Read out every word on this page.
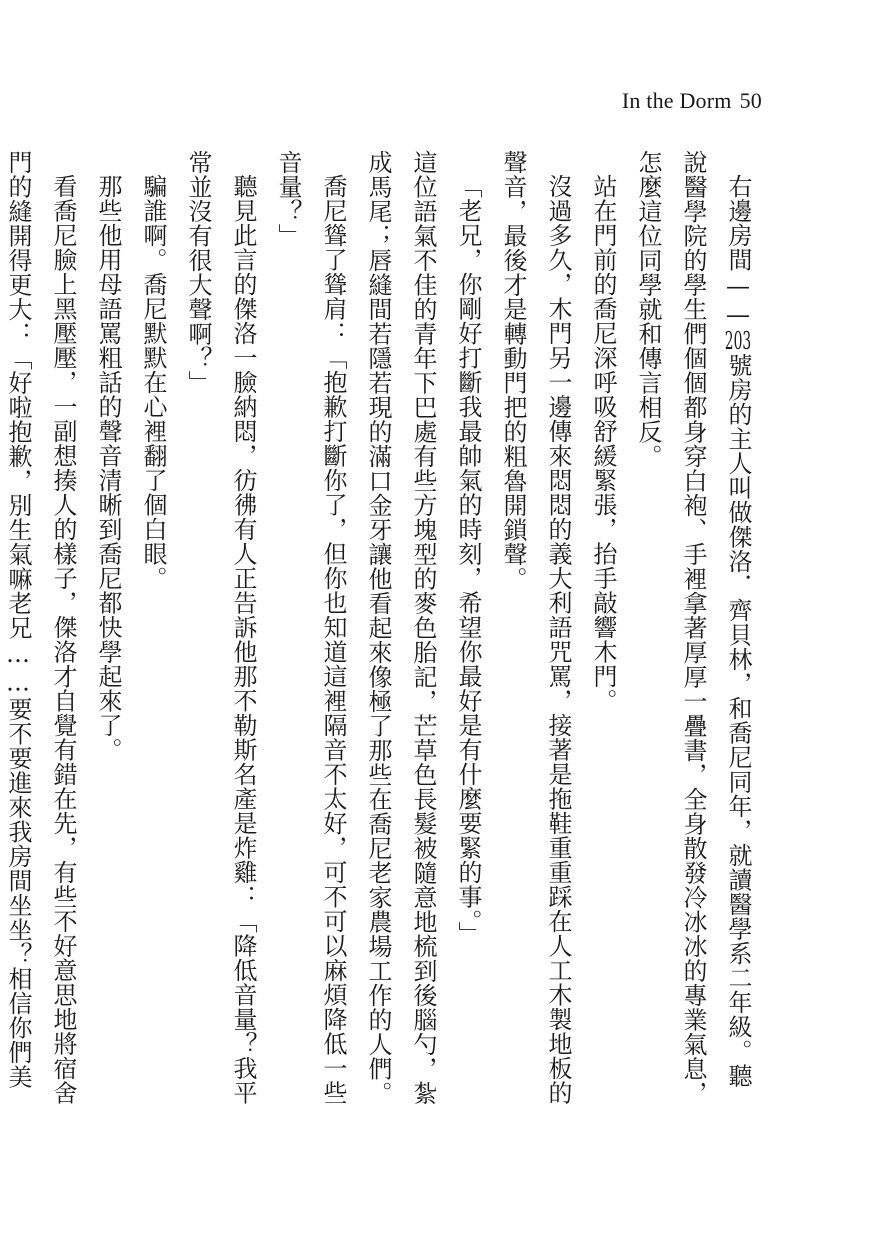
In the Dorm 50

右邊房間——203號房的主人叫做傑洛．齊貝林，和喬尼同年，就讀醫學系二年級。聽說醫學院的學生們個個都身穿白袍、手裡拿著厚厚一疊書，全身散發冷冰冰的專業氣息，怎麼這位同學就和傳言相反。

站在門前的喬尼深呼吸舒緩緊張，抬手敲響木門。

沒過多久，木門另一邊傳來悶悶的義大利語咒罵，接著是拖鞋重重踩在人工木製地板的聲音，最後才是轉動門把的粗魯開鎖聲。

「老兄，你剛好打斷我最帥氣的時刻，希望你最好是有什麼要緊的事。」

這位語氣不佳的青年下巴處有些方塊型的麥色胎記，芒草色長髮被隨意地梳到後腦勺，紮成馬尾；唇縫間若隱若現的滿口金牙讓他看起來像極了那些在喬尼老家農場工作的人們。

喬尼聳了聳肩：「抱歉打斷你了，但你也知道這裡隔音不太好，可不可以麻煩降低一些音量？」

聽見此言的傑洛一臉納悶，彷彿有人正告訴他那不勒斯名產是炸雞：「降低音量？我平常並沒有很大聲啊？」

騙誰啊。喬尼默默在心裡翻了個白眼。

那些他用母語罵粗話的聲音清晰到喬尼都快學起來了。

看喬尼臉上黑壓壓，一副想揍人的樣子，傑洛才自覺有錯在先，有些不好意思地將宿舍門的縫開得更大：「好啦抱歉，別生氣嘛老兄……要不要進來我房間坐坐？相信你們美
